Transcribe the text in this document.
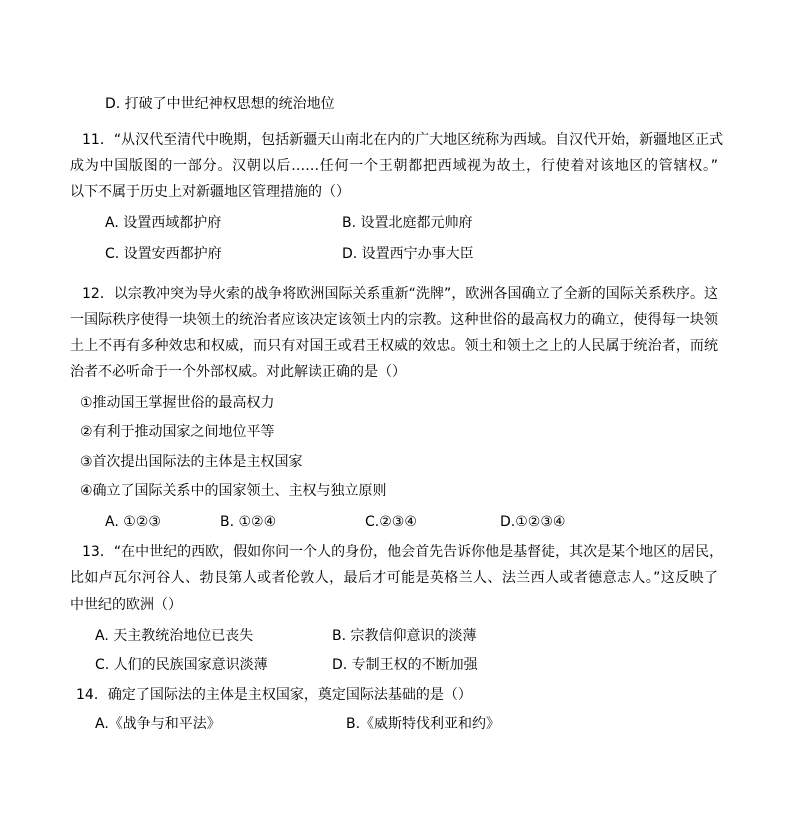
D. 打破了中世纪神权思想的统治地位
11．“从汉代至清代中晚期，包括新疆天山南北在内的广大地区统称为西域。自汉代开始，新疆地区正式
成为中国版图的一部分。汉朝以后……任何一个王朝都把西域视为故土，行使着对该地区的管辖权。”
以下不属于历史上对新疆地区管理措施的（）
A. 设置西域都护府	B. 设置北庭都元帅府
C. 设置安西都护府	D. 设置西宁办事大臣
12．以宗教冲突为导火索的战争将欧洲国际关系重新“洗牌”，欧洲各国确立了全新的国际关系秩序。这
一国际秩序使得一块领土的统治者应该决定该领土内的宗教。这种世俗的最高权力的确立，使得每一块领
土上不再有多种效忠和权威，而只有对国王或君王权威的效忠。领土和领土之上的人民属于统治者，而统
治者不必听命于一个外部权威。对此解读正确的是（）
①推动国王掌握世俗的最高权力
②有利于推动国家之间地位平等
③首次提出国际法的主体是主权国家
④确立了国际关系中的国家领土、主权与独立原则
A. ①②③	B. ①②④	C.②③④	D.①②③④
13．“在中世纪的西欧，假如你问一个人的身份，他会首先告诉你他是基督徒，其次是某个地区的居民，
比如卢瓦尔河谷人、勃艮第人或者伦敦人，最后才可能是英格兰人、法兰西人或者德意志人。”这反映了
中世纪的欧洲（）
A. 天主教统治地位已丧失	B. 宗教信仰意识的淡薄
C. 人们的民族国家意识淡薄	D. 专制王权的不断加强
14．确定了国际法的主体是主权国家，奠定国际法基础的是（）
A.《战争与和平法》	B.《威斯特伐利亚和约》
